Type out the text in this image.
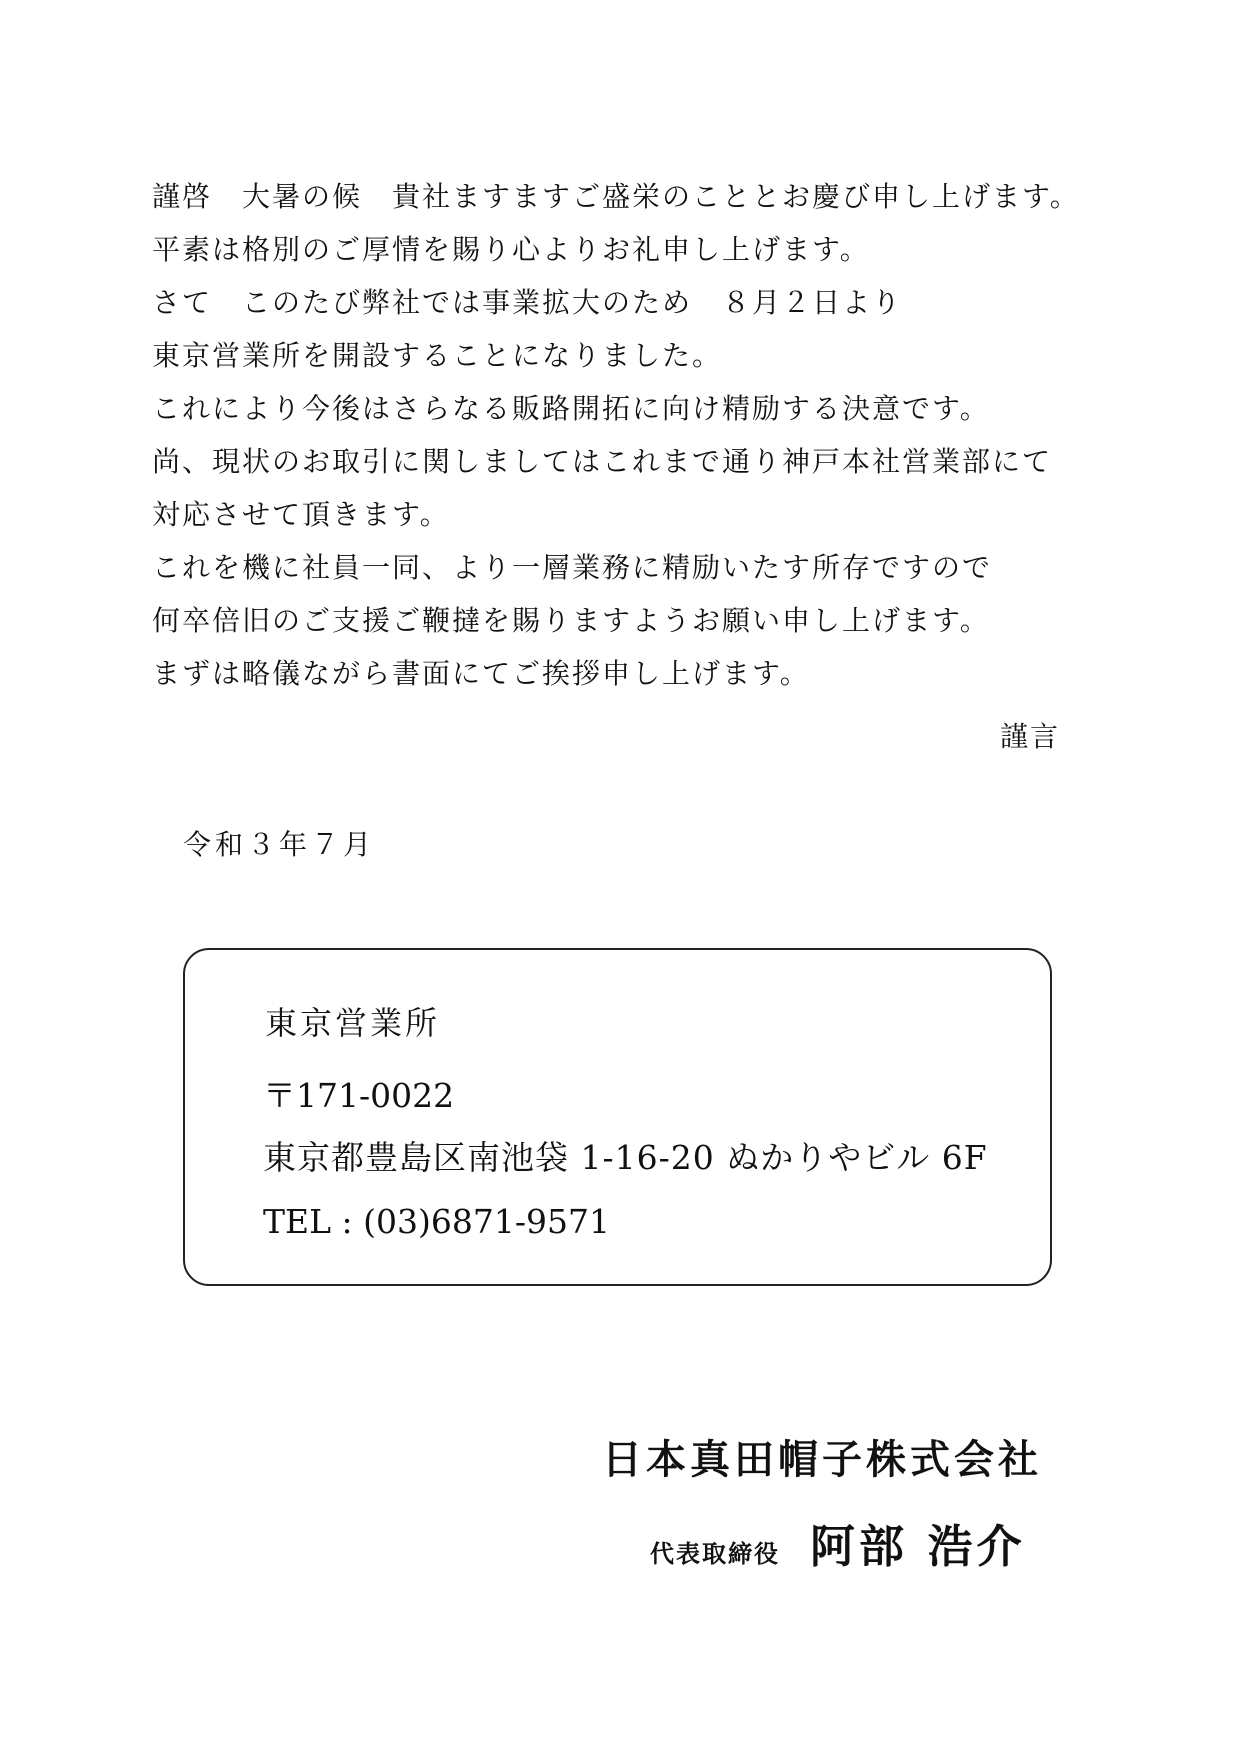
謹啓　大暑の候　貴社ますますご盛栄のこととお慶び申し上げます。
平素は格別のご厚情を賜り心よりお礼申し上げます。
さて　このたび弊社では事業拡大のため　８月２日より
東京営業所を開設することになりました。
これにより今後はさらなる販路開拓に向け精励する決意です。
尚、現状のお取引に関しましてはこれまで通り神戸本社営業部にて
対応させて頂きます。
これを機に社員一同、より一層業務に精励いたす所存ですので
何卒倍旧のご支援ご鞭撻を賜りますようお願い申し上げます。
まずは略儀ながら書面にてご挨拶申し上げます。
謹言
令和３年７月
東京営業所
〒171-0022
東京都豊島区南池袋 1-16-20 ぬかりやビル 6F
TEL : (03)6871-9571
日本真田帽子株式会社
代表取締役 阿部 浩介
